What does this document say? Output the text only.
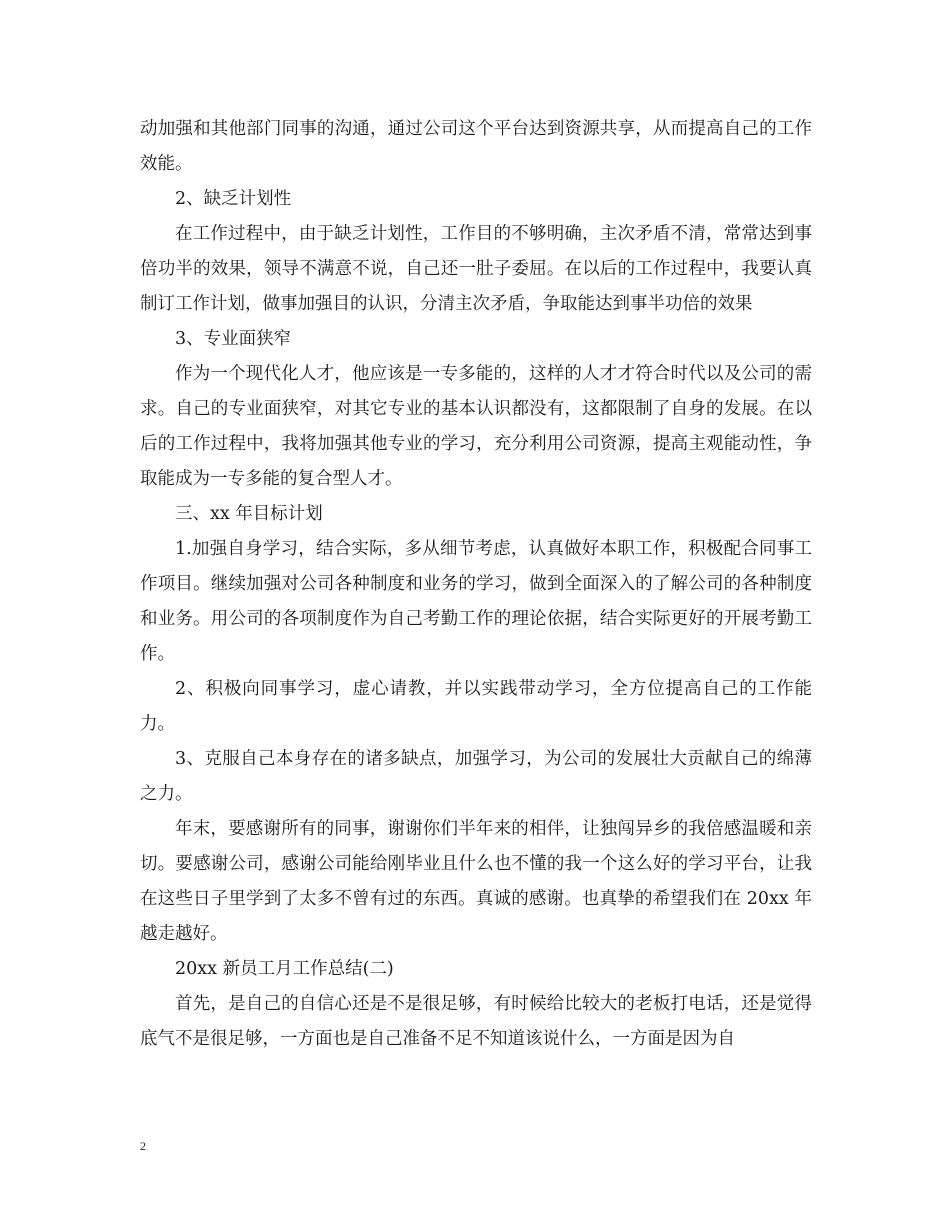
动加强和其他部门同事的沟通，通过公司这个平台达到资源共享，从而提高自己的工作效能。

2、缺乏计划性

在工作过程中，由于缺乏计划性，工作目的不够明确，主次矛盾不清，常常达到事倍功半的效果，领导不满意不说，自己还一肚子委屈。在以后的工作过程中，我要认真制订工作计划，做事加强目的认识，分清主次矛盾，争取能达到事半功倍的效果

3、专业面狭窄

作为一个现代化人才，他应该是一专多能的，这样的人才才符合时代以及公司的需求。自己的专业面狭窄，对其它专业的基本认识都没有，这都限制了自身的发展。在以后的工作过程中，我将加强其他专业的学习，充分利用公司资源，提高主观能动性，争取能成为一专多能的复合型人才。

三、xx 年目标计划

1.加强自身学习，结合实际，多从细节考虑，认真做好本职工作，积极配合同事工作项目。继续加强对公司各种制度和业务的学习，做到全面深入的了解公司的各种制度和业务。用公司的各项制度作为自己考勤工作的理论依据，结合实际更好的开展考勤工作。

2、积极向同事学习，虚心请教，并以实践带动学习，全方位提高自己的工作能力。

3、克服自己本身存在的诸多缺点，加强学习，为公司的发展壮大贡献自己的绵薄之力。

年末，要感谢所有的同事，谢谢你们半年来的相伴，让独闯异乡的我倍感温暖和亲切。要感谢公司，感谢公司能给刚毕业且什么也不懂的我一个这么好的学习平台，让我在这些日子里学到了太多不曾有过的东西。真诚的感谢。也真挚的希望我们在 20xx 年越走越好。

20xx 新员工月工作总结(二)

首先，是自己的自信心还是不是很足够，有时候给比较大的老板打电话，还是觉得底气不是很足够，一方面也是自己准备不足不知道该说什么，一方面是因为自

2
